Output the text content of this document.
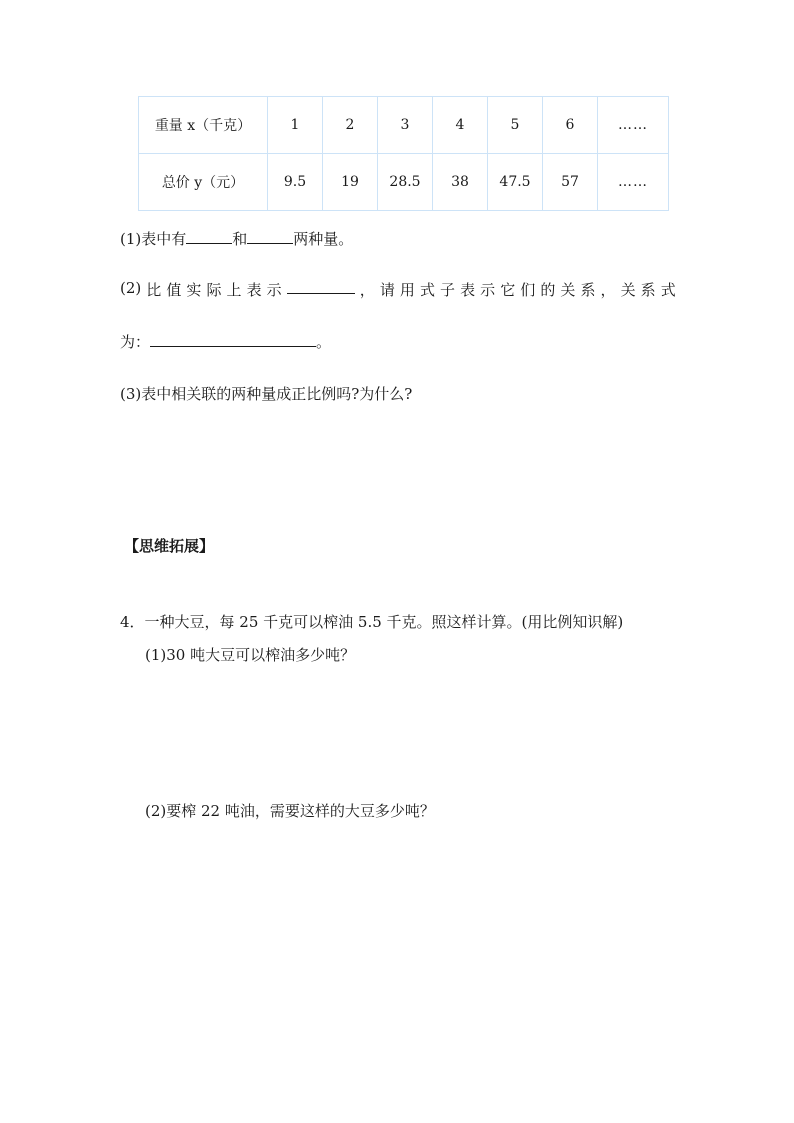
重量 x（千克）	1	2	3	4	5	6	……
总价 y（元）	9.5	19	28.5	38	47.5	57	……
(1)表中有	和	两种量。
(2) 比 值 实 际 上 表 示	， 请 用 式 子 表 示 它 们 的 关 系 ， 关 系 式
为：	。
(3)表中相关联的两种量成正比例吗?为什么?
【思维拓展】
4．一种大豆，每 25 千克可以榨油 5.5 千克。照这样计算。(用比例知识解)
(1)30 吨大豆可以榨油多少吨？
(2)要榨 22 吨油，需要这样的大豆多少吨？
